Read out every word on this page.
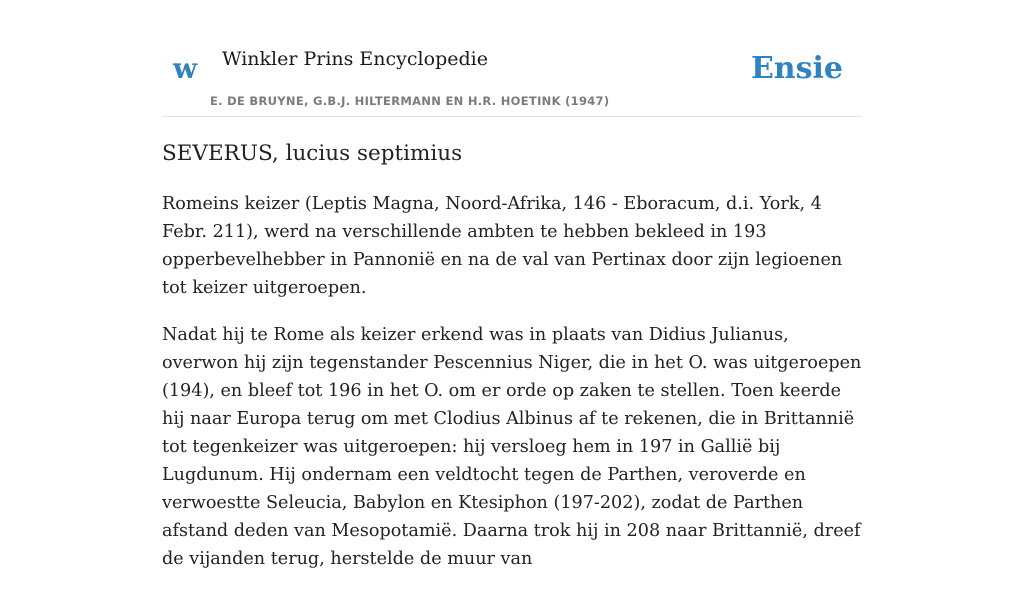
w Winkler Prins Encyclopedie
E. DE BRUYNE, G.B.J. HILTERMANN EN H.R. HOETINK (1947)
Ensie
SEVERUS, lucius septimius

Romeins keizer (Leptis Magna, Noord-Afrika, 146 - Eboracum, d.i. York, 4 Febr. 211), werd na verschillende ambten te hebben bekleed in 193 opperbevelhebber in Pannonië en na de val van Pertinax door zijn legioenen tot keizer uitgeroepen.

Nadat hij te Rome als keizer erkend was in plaats van Didius Julianus, overwon hij zijn tegenstander Pescennius Niger, die in het O. was uitgeroepen (194), en bleef tot 196 in het O. om er orde op zaken te stellen. Toen keerde hij naar Europa terug om met Clodius Albinus af te rekenen, die in Brittannië tot tegenkeizer was uitgeroepen: hij versloeg hem in 197 in Gallië bij Lugdunum. Hij ondernam een veldtocht tegen de Parthen, veroverde en verwoestte Seleucia, Babylon en Ktesiphon (197-202), zodat de Parthen afstand deden van Mesopotamië. Daarna trok hij in 208 naar Brittannië, dreef de vijanden terug, herstelde de muur van
